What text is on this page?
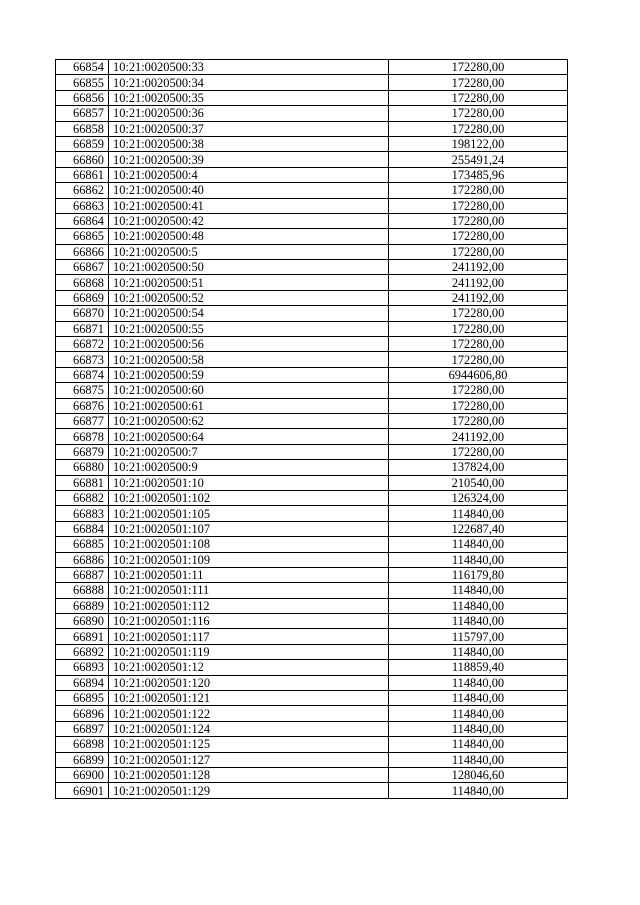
66854	10:21:0020500:33	172280,00
66855	10:21:0020500:34	172280,00
66856	10:21:0020500:35	172280,00
66857	10:21:0020500:36	172280,00
66858	10:21:0020500:37	172280,00
66859	10:21:0020500:38	198122,00
66860	10:21:0020500:39	255491,24
66861	10:21:0020500:4	173485,96
66862	10:21:0020500:40	172280,00
66863	10:21:0020500:41	172280,00
66864	10:21:0020500:42	172280,00
66865	10:21:0020500:48	172280,00
66866	10:21:0020500:5	172280,00
66867	10:21:0020500:50	241192,00
66868	10:21:0020500:51	241192,00
66869	10:21:0020500:52	241192,00
66870	10:21:0020500:54	172280,00
66871	10:21:0020500:55	172280,00
66872	10:21:0020500:56	172280,00
66873	10:21:0020500:58	172280,00
66874	10:21:0020500:59	6944606,80
66875	10:21:0020500:60	172280,00
66876	10:21:0020500:61	172280,00
66877	10:21:0020500:62	172280,00
66878	10:21:0020500:64	241192,00
66879	10:21:0020500:7	172280,00
66880	10:21:0020500:9	137824,00
66881	10:21:0020501:10	210540,00
66882	10:21:0020501:102	126324,00
66883	10:21:0020501:105	114840,00
66884	10:21:0020501:107	122687,40
66885	10:21:0020501:108	114840,00
66886	10:21:0020501:109	114840,00
66887	10:21:0020501:11	116179,80
66888	10:21:0020501:111	114840,00
66889	10:21:0020501:112	114840,00
66890	10:21:0020501:116	114840,00
66891	10:21:0020501:117	115797,00
66892	10:21:0020501:119	114840,00
66893	10:21:0020501:12	118859,40
66894	10:21:0020501:120	114840,00
66895	10:21:0020501:121	114840,00
66896	10:21:0020501:122	114840,00
66897	10:21:0020501:124	114840,00
66898	10:21:0020501:125	114840,00
66899	10:21:0020501:127	114840,00
66900	10:21:0020501:128	128046,60
66901	10:21:0020501:129	114840,00
